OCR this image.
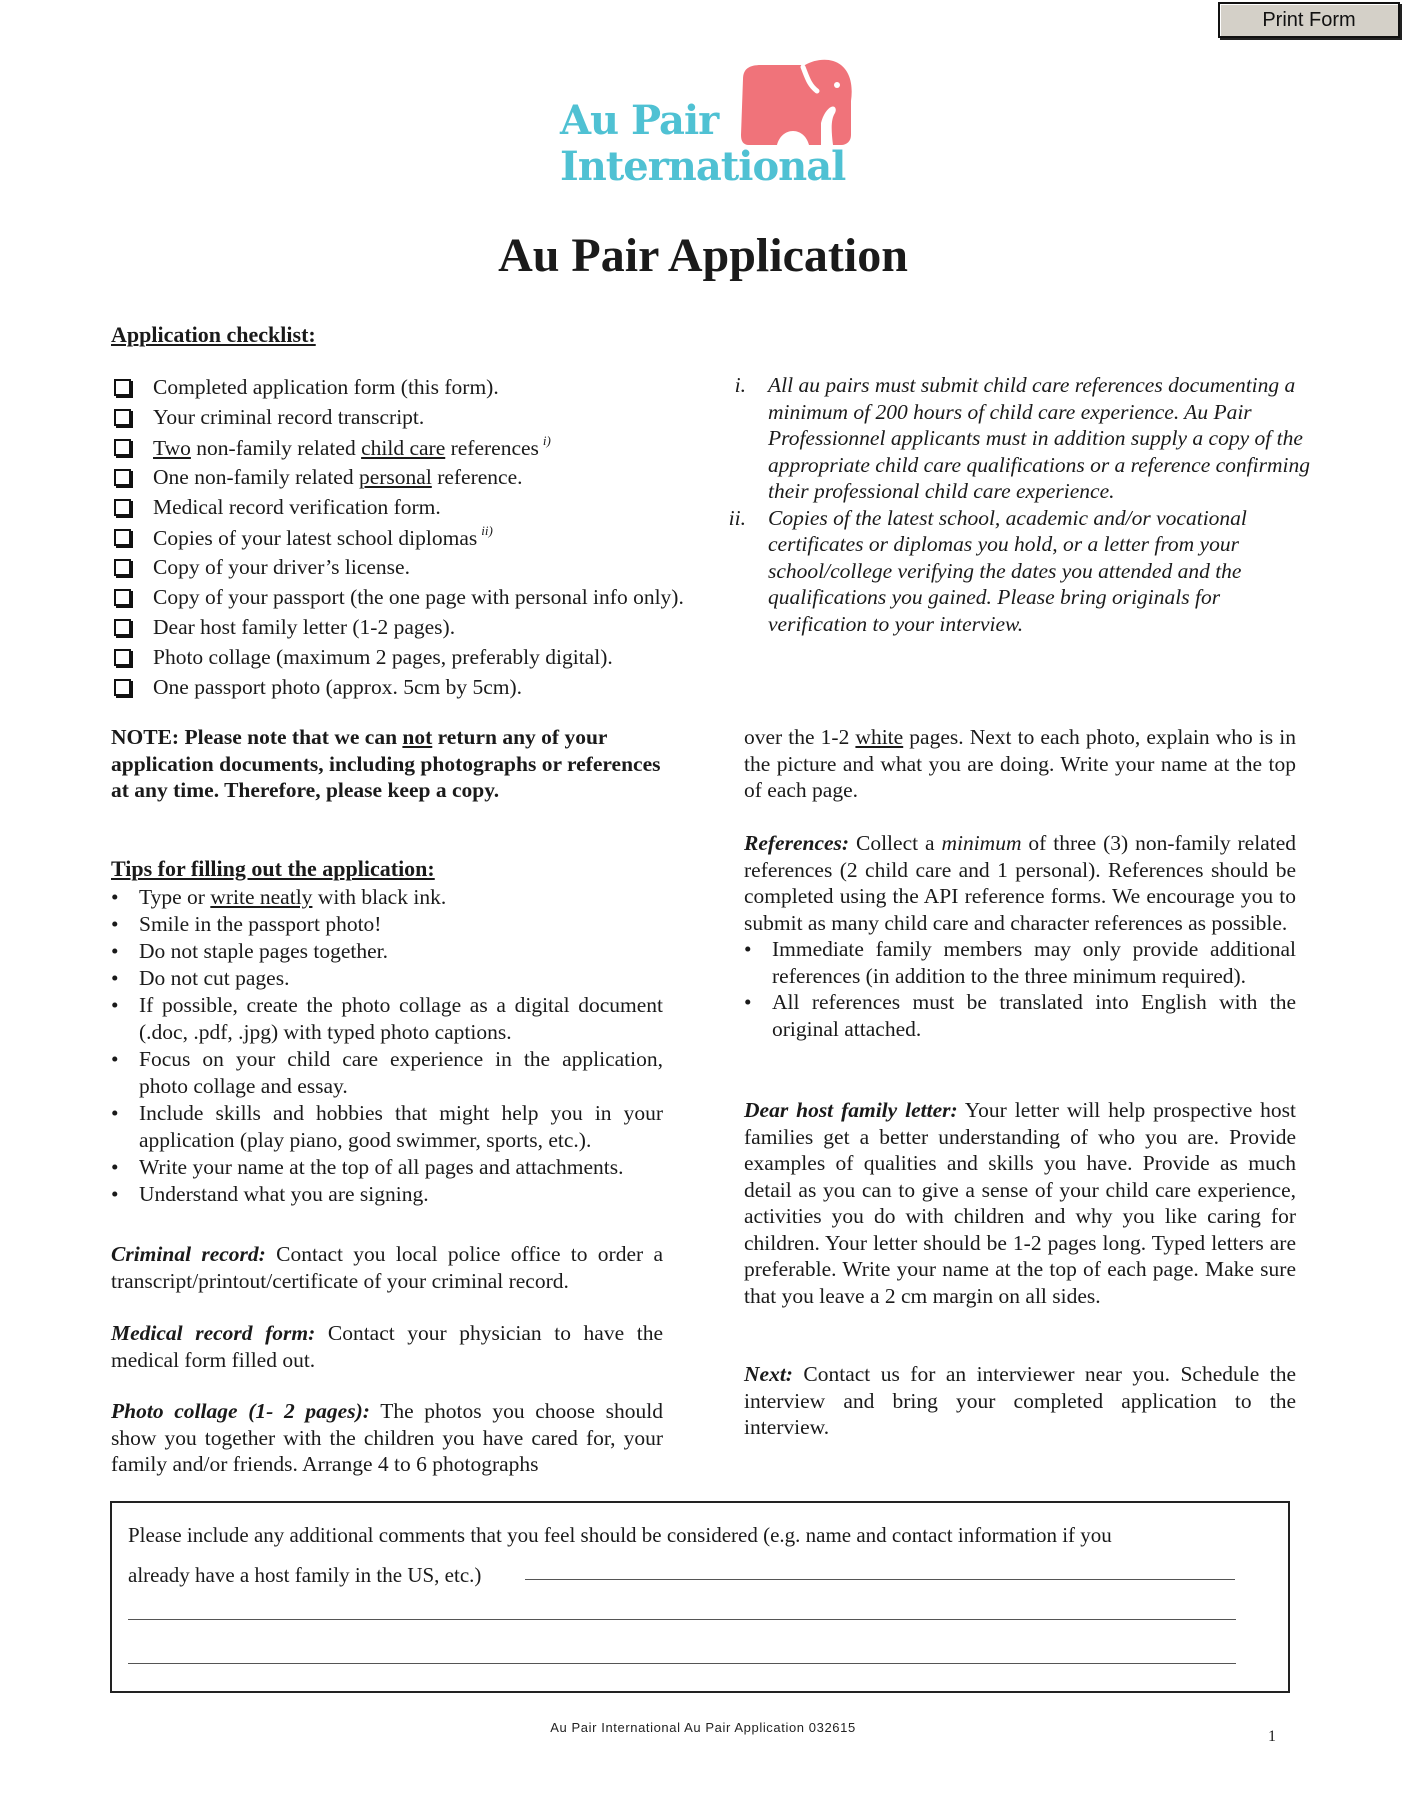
Print Form
Au Pair
International
Au Pair Application
Application checklist:
Completed application form (this form).
Your criminal record transcript.
Two non-family related child care references $^{i)}$
One non-family related personal reference.
Medical record verification form.
Copies of your latest school diplomas $^{ii)}$
Copy of your driver’s license.
Copy of your passport (the one page with personal info only).
Dear host family letter (1-2 pages).
Photo collage (maximum 2 pages, preferably digital).
One passport photo (approx. 5cm by 5cm).
i.	All au pairs must submit child care references documenting a minimum of 200 hours of child care experience. Au Pair Professionnel applicants must in addition supply a copy of the appropriate child care qualifications or a reference confirming their professional child care experience.
ii.	Copies of the latest school, academic and/or vocational certificates or diplomas you hold, or a letter from your school/college verifying the dates you attended and the qualifications you gained. Please bring originals for verification to your interview.
NOTE: Please note that we can not return any of your application documents, including photographs or references at any time. Therefore, please keep a copy.
Tips for filling out the application:
• Type or write neatly with black ink.
• Smile in the passport photo!
• Do not staple pages together.
• Do not cut pages.
• If possible, create the photo collage as a digital document (.doc, .pdf, .jpg) with typed photo captions.
• Focus on your child care experience in the application, photo collage and essay.
• Include skills and hobbies that might help you in your application (play piano, good swimmer, sports, etc.).
• Write your name at the top of all pages and attachments.
• Understand what you are signing.
Criminal record: Contact you local police office to order a transcript/printout/certificate of your criminal record.
Medical record form: Contact your physician to have the medical form filled out.
Photo collage (1- 2 pages): The photos you choose should show you together with the children you have cared for, your family and/or friends. Arrange 4 to 6 photographs
over the 1-2 white pages. Next to each photo, explain who is in the picture and what you are doing. Write your name at the top of each page.
References: Collect a minimum of three (3) non-family related references (2 child care and 1 personal). References should be completed using the API reference forms. We encourage you to submit as many child care and character references as possible.
• Immediate family members may only provide additional references (in addition to the three minimum required).
• All references must be translated into English with the original attached.
Dear host family letter: Your letter will help prospective host families get a better understanding of who you are. Provide examples of qualities and skills you have. Provide as much detail as you can to give a sense of your child care experience, activities you do with children and why you like caring for children. Your letter should be 1-2 pages long. Typed letters are preferable. Write your name at the top of each page. Make sure that you leave a 2 cm margin on all sides.
Next: Contact us for an interviewer near you. Schedule the interview and bring your completed application to the interview.
Please include any additional comments that you feel should be considered (e.g. name and contact information if you
already have a host family in the US, etc.)
Au Pair International Au Pair Application 032615
1
